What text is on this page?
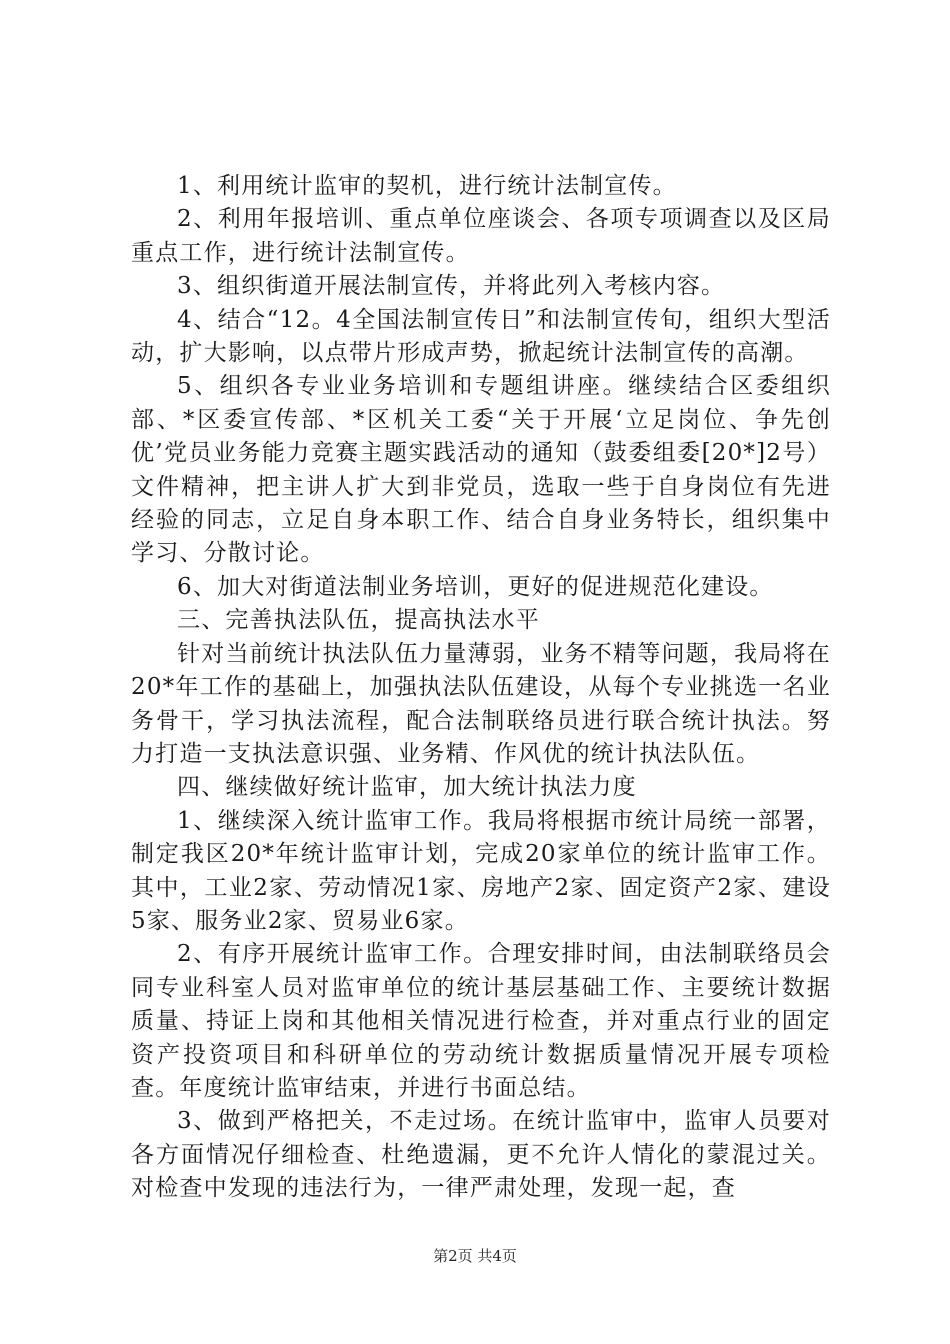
1、利用统计监审的契机，进行统计法制宣传。

2、利用年报培训、重点单位座谈会、各项专项调查以及区局重点工作，进行统计法制宣传。

3、组织街道开展法制宣传，并将此列入考核内容。

4、结合“12。4全国法制宣传日”和法制宣传旬，组织大型活动，扩大影响，以点带片形成声势，掀起统计法制宣传的高潮。

5、组织各专业业务培训和专题组讲座。继续结合区委组织部、*区委宣传部、*区机关工委“关于开展‘立足岗位、争先创优’党员业务能力竞赛主题实践活动的通知（鼓委组委[20*]2号）文件精神，把主讲人扩大到非党员，选取一些于自身岗位有先进经验的同志，立足自身本职工作、结合自身业务特长，组织集中学习、分散讨论。

6、加大对街道法制业务培训，更好的促进规范化建设。

三、完善执法队伍，提高执法水平

针对当前统计执法队伍力量薄弱，业务不精等问题，我局将在20*年工作的基础上，加强执法队伍建设，从每个专业挑选一名业务骨干，学习执法流程，配合法制联络员进行联合统计执法。努力打造一支执法意识强、业务精、作风优的统计执法队伍。

四、继续做好统计监审，加大统计执法力度

1、继续深入统计监审工作。我局将根据市统计局统一部署，制定我区20*年统计监审计划，完成20家单位的统计监审工作。其中，工业2家、劳动情况1家、房地产2家、固定资产2家、建设5家、服务业2家、贸易业6家。

2、有序开展统计监审工作。合理安排时间，由法制联络员会同专业科室人员对监审单位的统计基层基础工作、主要统计数据质量、持证上岗和其他相关情况进行检查，并对重点行业的固定资产投资项目和科研单位的劳动统计数据质量情况开展专项检查。年度统计监审结束，并进行书面总结。

3、做到严格把关，不走过场。在统计监审中，监审人员要对各方面情况仔细检查、杜绝遗漏，更不允许人情化的蒙混过关。对检查中发现的违法行为，一律严肃处理，发现一起，查

第2页 共4页
